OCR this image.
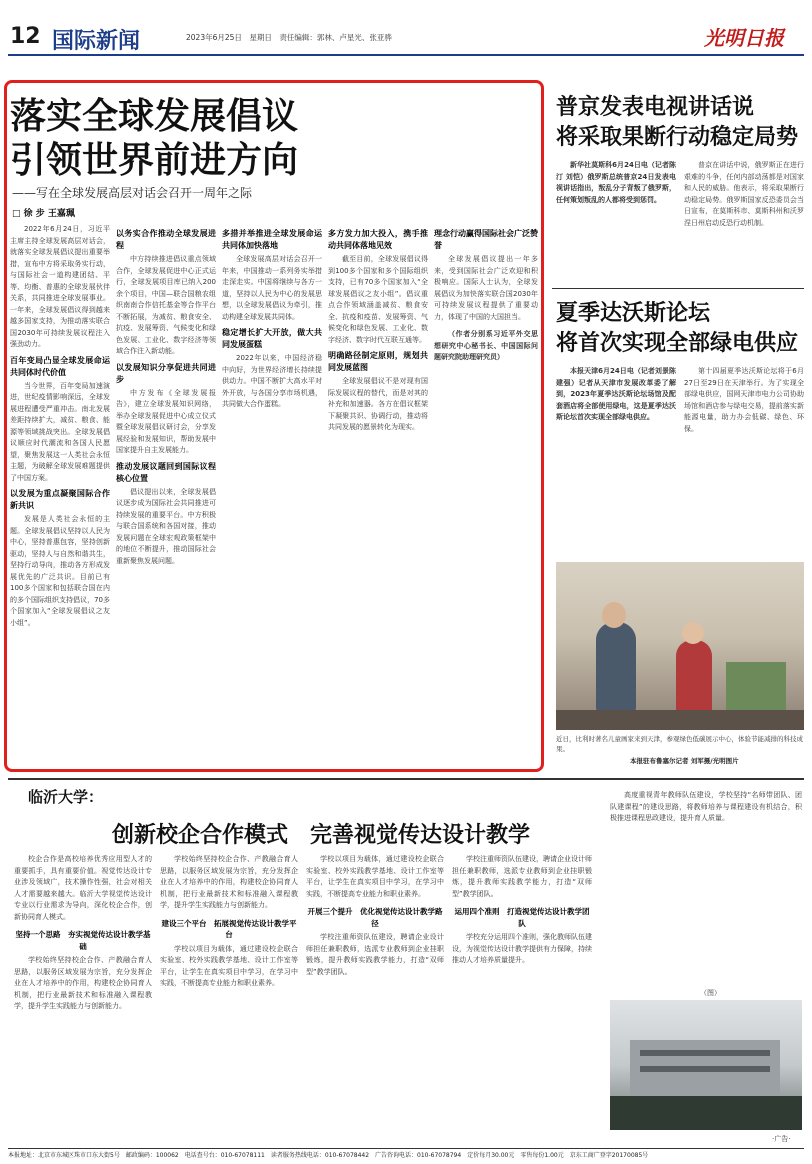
12 国际新闻	2023年6月25日　星期日　责任编辑：郭林、卢星光、张亚骅	光明日报
落实全球发展倡议
引领世界前进方向
——写在全球发展高层对话会召开一周年之际
□ 徐 步 王嘉珮

2022年6月24日，习近平主席主持全球发展高层对话会，就落实全球发展倡议提出重要举措，宣布中方将采取务实行动，与国际社会一道构建团结、平等、均衡、普惠的全球发展伙伴关系，共同推进全球发展事业。一年来，全球发展倡议得到越来越多国家支持，为推动落实联合国2030年可持续发展议程注入强劲动力。

百年变局凸显全球发展命运共同体时代价值

当今世界，百年变局加速演进，世纪疫情影响深远，全球发展进程遭受严重冲击。南北发展差距持续扩大，减贫、粮食、能源等领域挑战突出。全球发展倡议顺应时代潮流和各国人民愿望，聚焦发展这一人类社会永恒主题，为破解全球发展难题提供了中国方案。

以发展为重点凝聚国际合作新共识

发展是人类社会永恒的主题。全球发展倡议坚持以人民为中心，坚持普惠包容，坚持创新驱动，坚持人与自然和谐共生，坚持行动导向，推动各方形成发展优先的广泛共识。目前已有100多个国家和包括联合国在内的多个国际组织支持倡议，70多个国家加入“全球发展倡议之友小组”。

以务实合作推动全球发展进程

中方持续推进倡议重点领域合作，全球发展促进中心正式运行，全球发展项目库已纳入200余个项目，中国—联合国粮农组织南南合作信托基金等合作平台不断拓展，为减贫、粮食安全、抗疫、发展筹资、气候变化和绿色发展、工业化、数字经济等领域合作注入新动能。

以发展知识分享促进共同进步

中方发布《全球发展报告》，建立全球发展知识网络，举办全球发展促进中心成立仪式暨全球发展倡议研讨会，分享发展经验和发展知识，帮助发展中国家提升自主发展能力。

推动发展议题回到国际议程核心位置

倡议提出以来，全球发展倡议逐步成为国际社会共同推进可持续发展的重要平台。中方积极与联合国系统和各国对接，推动发展问题在全球宏观政策框架中的地位不断提升，推动国际社会重新聚焦发展问题。

多措并举推进全球发展命运共同体加快落地

全球发展高层对话会召开一年来，中国推动一系列务实举措走深走实。中国将继续与各方一道，坚持以人民为中心的发展思想，以全球发展倡议为牵引，推动构建全球发展共同体。

稳定增长扩大开放，做大共同发展蛋糕

2022年以来，中国经济稳中向好，为世界经济增长持续提供动力。中国不断扩大高水平对外开放，与各国分享市场机遇，共同做大合作蛋糕。

多方发力加大投入，携手推动共同体落地见效

截至目前，全球发展倡议得到100多个国家和多个国际组织支持，已有70多个国家加入“全球发展倡议之友小组”。倡议重点合作领域涵盖减贫、粮食安全、抗疫和疫苗、发展筹资、气候变化和绿色发展、工业化、数字经济、数字时代互联互通等。

明确路径制定原则，规划共同发展蓝图

全球发展倡议不是对现有国际发展议程的替代，而是对其的补充和加速器。各方在倡议框架下凝聚共识、协调行动，推动将共同发展的愿景转化为现实。

理念行动赢得国际社会广泛赞誉

全球发展倡议提出一年多来，受到国际社会广泛欢迎和积极响应。国际人士认为，全球发展倡议为加快落实联合国2030年可持续发展议程提供了重要动力，体现了中国的大国担当。

（作者分别系习近平外交思想研究中心秘书长、中国国际问题研究院助理研究员）

普京发表电视讲话说
将采取果断行动稳定局势

新华社莫斯科6月24日电（记者陈汀 刘恺）俄罗斯总统普京24日发表电视讲话指出，叛乱分子背叛了俄罗斯，任何策划叛乱的人都将受到惩罚。

普京在讲话中说，俄罗斯正在进行艰难的斗争，任何内部动荡都是对国家和人民的威胁。他表示，将采取果断行动稳定局势。俄罗斯国家反恐委员会当日宣布，在莫斯科市、莫斯科州和沃罗涅日州启动反恐行动机制。

夏季达沃斯论坛
将首次实现全部绿电供应

本报天津6月24日电（记者刘景陈建强）记者从天津市发展改革委了解到，2023年夏季达沃斯论坛场馆及配套酒店将全部使用绿电，这是夏季达沃斯论坛首次实现全部绿电供应。

第十四届夏季达沃斯论坛将于6月27日至29日在天津举行。为了实现全部绿电供应，国网天津市电力公司协助场馆和酒店参与绿电交易，提前落实新能源电量，助力办会低碳、绿色、环保。

近日，比利时著名儿童画家来到天津，参观绿色低碳展示中心，体验节能减排的科技成果。
本报驻布鲁塞尔记者 刘军摄/光明图片
临沂大学：
创新校企合作模式　完善视觉传达设计教学

校企合作是高校培养优秀应用型人才的重要抓手，具有重要价值。视觉传达设计专业涉及领域广，技术操作性强，社会对相关人才需要越来越大。临沂大学视觉传达设计专业以行业需求为导向，深化校企合作，创新协同育人模式。

坚持一个思路　夯实视觉传达设计教学基础

学校始终坚持校企合作、产教融合育人思路，以服务区域发展为宗旨，充分发挥企业在人才培养中的作用，构建校企协同育人机制，把行业最新技术和标准融入课程教学，提升学生实践能力与创新能力。

学校始终坚持校企合作、产教融合育人思路，以服务区域发展为宗旨，充分发挥企业在人才培养中的作用，构建校企协同育人机制，把行业最新技术和标准融入课程教学，提升学生实践能力与创新能力。

建设三个平台　拓展视觉传达设计教学平台

学校以项目为载体，通过建设校企联合实验室、校外实践教学基地、设计工作室等平台，让学生在真实项目中学习，在学习中实践，不断提高专业能力和职业素养。

学校以项目为载体，通过建设校企联合实验室、校外实践教学基地、设计工作室等平台，让学生在真实项目中学习，在学习中实践，不断提高专业能力和职业素养。

开展三个提升　优化视觉传达设计教学路径

学校注重师资队伍建设，聘请企业设计师担任兼职教师，选派专业教师到企业挂职锻炼，提升教师实践教学能力，打造“双师型”教学团队。

学校注重师资队伍建设，聘请企业设计师担任兼职教师，选派专业教师到企业挂职锻炼，提升教师实践教学能力，打造“双师型”教学团队。

运用四个准则　打造视觉传达设计教学团队

学校充分运用四个准则，强化教师队伍建设，为视觉传达设计教学提供有力保障，持续推动人才培养质量提升。

高度重视青年教师队伍建设，学校坚持“名师带团队、团队建课程”的建设思路，将教师培养与课程建设有机结合，积极推进课程思政建设，提升育人质量。

（图）
·广告·
本报地址：北京市东城区珠市口东大街5号　邮政编码：100062　电话查号台：010-67078111　读者服务热线电话：010-67078442　广告咨询电话：010-67078794　定价每月30.00元　零售每份1.00元　京东工商广登字20170085号
